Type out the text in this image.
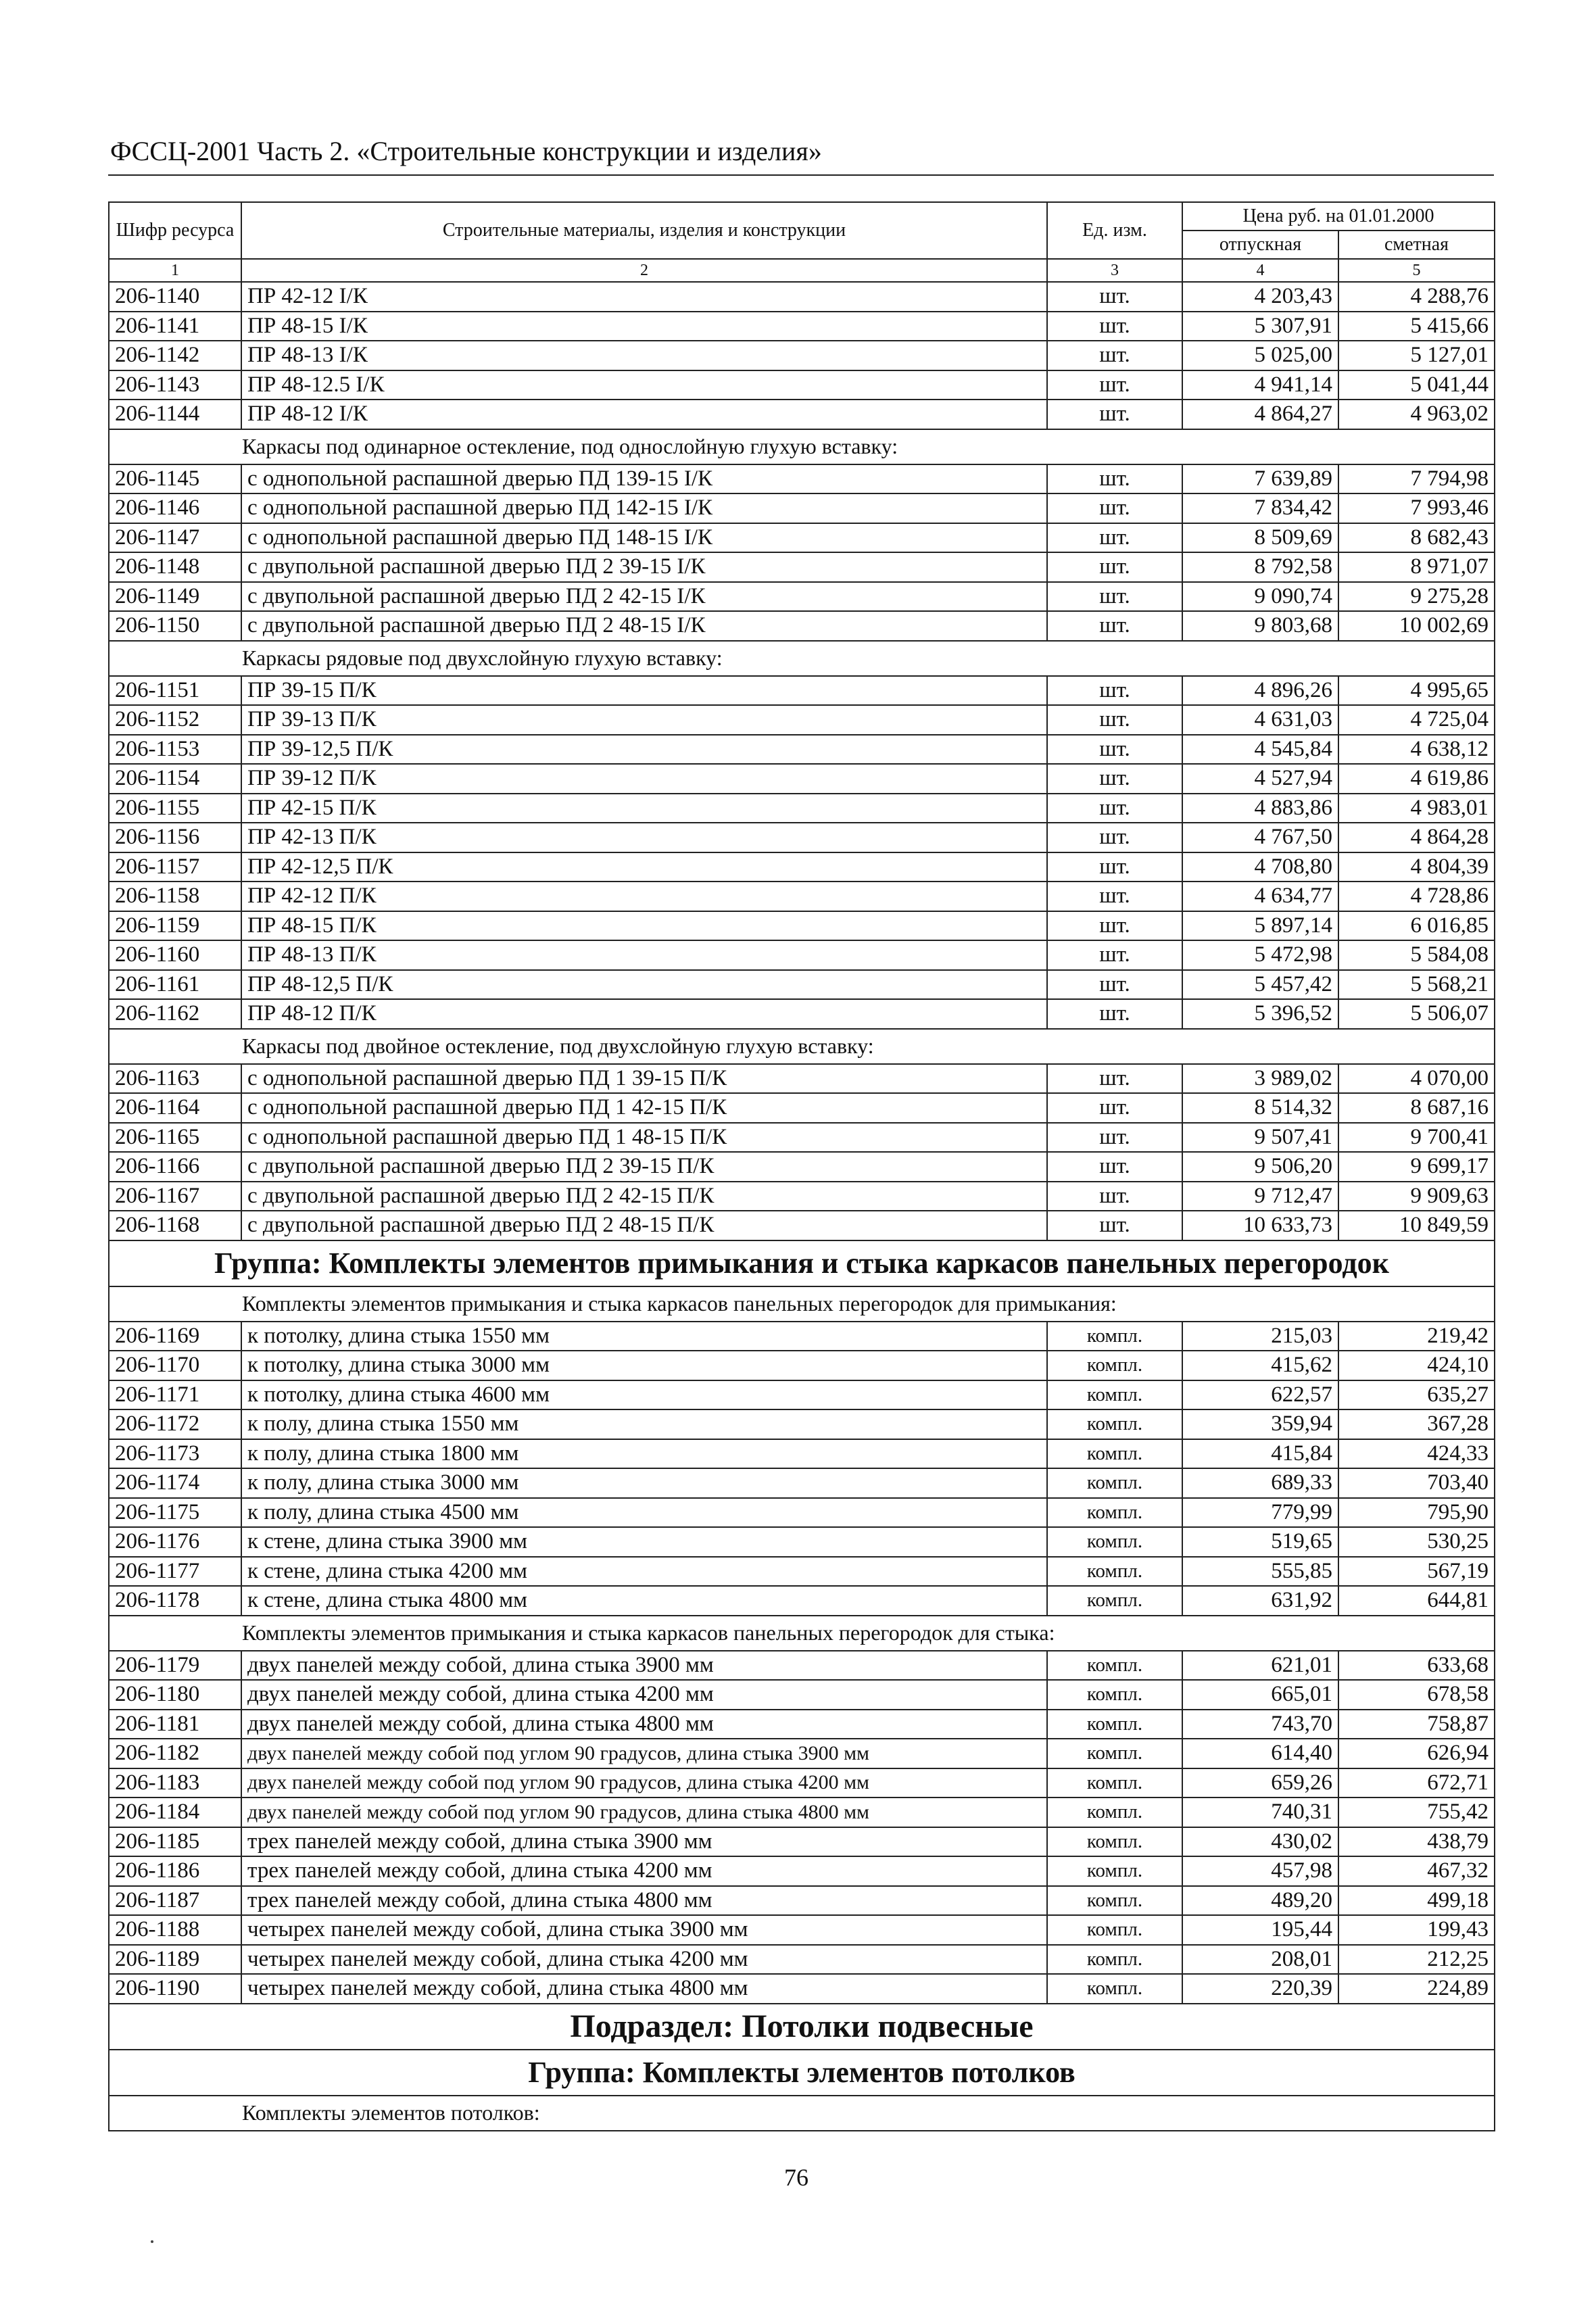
ФССЦ-2001 Часть 2. «Строительные конструкции и изделия»
Шифр ресурса	Строительные материалы, изделия и конструкции	Ед. изм.	Цена руб. на 01.01.2000	
			отпускная	сметная
1	2	3	4	5
206-1140	ПР 42-12 I/К	шт.	4 203,43	4 288,76
206-1141	ПР 48-15 I/К	шт.	5 307,91	5 415,66
206-1142	ПР 48-13 I/К	шт.	5 025,00	5 127,01
206-1143	ПР 48-12.5 I/К	шт.	4 941,14	5 041,44
206-1144	ПР 48-12 I/К	шт.	4 864,27	4 963,02
Каркасы под одинарное остекление, под однослойную глухую вставку:				
206-1145	с однопольной распашной дверью ПД 139-15 I/К	шт.	7 639,89	7 794,98
206-1146	с однопольной распашной дверью ПД 142-15 I/К	шт.	7 834,42	7 993,46
206-1147	с однопольной распашной дверью ПД 148-15 I/К	шт.	8 509,69	8 682,43
206-1148	с двупольной распашной дверью ПД 2 39-15 I/К	шт.	8 792,58	8 971,07
206-1149	с двупольной распашной дверью ПД 2 42-15 I/К	шт.	9 090,74	9 275,28
206-1150	с двупольной распашной дверью ПД 2 48-15 I/К	шт.	9 803,68	10 002,69
Каркасы рядовые под двухслойную глухую вставку:				
206-1151	ПР 39-15 П/К	шт.	4 896,26	4 995,65
206-1152	ПР 39-13 П/К	шт.	4 631,03	4 725,04
206-1153	ПР 39-12,5 П/К	шт.	4 545,84	4 638,12
206-1154	ПР 39-12 П/К	шт.	4 527,94	4 619,86
206-1155	ПР 42-15 П/К	шт.	4 883,86	4 983,01
206-1156	ПР 42-13 П/К	шт.	4 767,50	4 864,28
206-1157	ПР 42-12,5 П/К	шт.	4 708,80	4 804,39
206-1158	ПР 42-12 П/К	шт.	4 634,77	4 728,86
206-1159	ПР 48-15 П/К	шт.	5 897,14	6 016,85
206-1160	ПР 48-13 П/К	шт.	5 472,98	5 584,08
206-1161	ПР 48-12,5 П/К	шт.	5 457,42	5 568,21
206-1162	ПР 48-12 П/К	шт.	5 396,52	5 506,07
Каркасы под двойное остекление, под двухслойную глухую вставку:				
206-1163	с однопольной распашной дверью ПД 1 39-15 П/К	шт.	3 989,02	4 070,00
206-1164	с однопольной распашной дверью ПД 1 42-15 П/К	шт.	8 514,32	8 687,16
206-1165	с однопольной распашной дверью ПД 1 48-15 П/К	шт.	9 507,41	9 700,41
206-1166	с двупольной распашной дверью ПД 2 39-15 П/К	шт.	9 506,20	9 699,17
206-1167	с двупольной распашной дверью ПД 2 42-15 П/К	шт.	9 712,47	9 909,63
206-1168	с двупольной распашной дверью ПД 2 48-15 П/К	шт.	10 633,73	10 849,59
Группа: Комплекты элементов примыкания и стыка каркасов панельных перегородок				
Комплекты элементов примыкания и стыка каркасов панельных перегородок для примыкания:				
206-1169	к потолку, длина стыка 1550 мм	компл.	215,03	219,42
206-1170	к потолку, длина стыка 3000 мм	компл.	415,62	424,10
206-1171	к потолку, длина стыка 4600 мм	компл.	622,57	635,27
206-1172	к полу, длина стыка 1550 мм	компл.	359,94	367,28
206-1173	к полу, длина стыка 1800 мм	компл.	415,84	424,33
206-1174	к полу, длина стыка 3000 мм	компл.	689,33	703,40
206-1175	к полу, длина стыка 4500 мм	компл.	779,99	795,90
206-1176	к стене, длина стыка 3900 мм	компл.	519,65	530,25
206-1177	к стене, длина стыка 4200 мм	компл.	555,85	567,19
206-1178	к стене, длина стыка 4800 мм	компл.	631,92	644,81
Комплекты элементов примыкания и стыка каркасов панельных перегородок для стыка:				
206-1179	двух панелей между собой, длина стыка 3900 мм	компл.	621,01	633,68
206-1180	двух панелей между собой, длина стыка 4200 мм	компл.	665,01	678,58
206-1181	двух панелей между собой, длина стыка 4800 мм	компл.	743,70	758,87
206-1182	двух панелей между собой под углом 90 градусов, длина стыка 3900 мм	компл.	614,40	626,94
206-1183	двух панелей между собой под углом 90 градусов, длина стыка 4200 мм	компл.	659,26	672,71
206-1184	двух панелей между собой под углом 90 градусов, длина стыка 4800 мм	компл.	740,31	755,42
206-1185	трех панелей между собой, длина стыка 3900 мм	компл.	430,02	438,79
206-1186	трех панелей между собой, длина стыка 4200 мм	компл.	457,98	467,32
206-1187	трех панелей между собой, длина стыка 4800 мм	компл.	489,20	499,18
206-1188	четырех панелей между собой, длина стыка 3900 мм	компл.	195,44	199,43
206-1189	четырех панелей между собой, длина стыка 4200 мм	компл.	208,01	212,25
206-1190	четырех панелей между собой, длина стыка 4800 мм	компл.	220,39	224,89
Подраздел: Потолки подвесные				
Группа: Комплекты элементов потолков				
Комплекты элементов потолков:				
76
